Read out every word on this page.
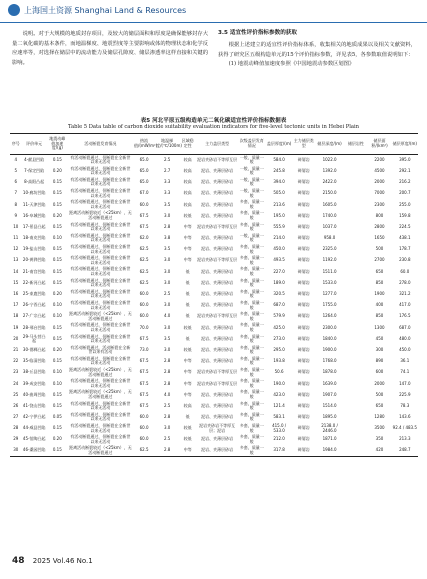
上海国土资源 Shanghai Land & Resources

说明。对于大规模的地质封存项目，及较大的储层面积和厚度是确保能够封存大量二氧化碳的基本条件，而地温梯度、地震烈度等主要影响或体的物理状态和化学反应速率等，对选择在储层中的流动能力及储层孔隙度、储层渗透率这样直接和关键的影响。

3.5 适宜性评价指标参数的获取

根据上述建立的适宜性评价指标体系，收集相关的地质成果以及相关文献资料，获得了研究区五级构造单元的15个评价指标参数，详见表5，各参数取值说明如下：

(1) 地震动峰值加速度参照《中国地震动参数区划图》

表5 河北平原五级构造单元二氧化碳适宜性评价指标数据表
Table 5 Data table of carbon dioxide suitability evaluation indicators for five-level tectonic units in Hebei Plain
序号	评价单元	地震动峰值加速度/(g)	活动断裂发育情况	热流值/(mW/m²)	地温梯度/(℃/100m)	区域稳定性	主力盖层类型	次级盖层发育情况	盖层厚度/(m)	主力储层类型	储层深度/(m)	储层岩性	储层面积/(km²)	储层厚度/(m)
4	4-献县凹陷	0.15	有活动断裂通过，但断裂在全新世以来无活动	65.0	2.5	较高	泥岩夹砂岩不等厚互层	一般，质量一般	584.0	碎屑岩	1022.0		2200	395.0
5	7-保定凹陷	0.20	有活动断裂通过，但断裂在全新世以来无活动	65.0	2.7	较高	泥岩、夹薄层砂岩	一般，质量一般	245.8	碎屑岩	1392.0		4500	292.1
6	8-高阳凸起	0.15	有活动断裂通过，但断裂在全新世以来无活动	65.0	3.3	较高	泥岩、夹薄层砂岩	一般，质量一般	394.0	碎屑岩	2422.0		2000	216.2
7	10-廊坊凹陷	0.15	有活动断裂通过，但断裂在全新世以来无活动	67.0	3.3	较高	泥岩、夹薄层砂岩	一般，质量一般	505.0	碎屑岩	2150.0		7000	200.7
8	11-天津凹陷	0.15	有活动断裂通过，但断裂在全新世以来无活动	60.0	3.5	较高	泥岩、夹薄层砂岩	多套，质量一般	213.6	碎屑岩	1605.0		2300	255.0
9	16-阜城凹陷	0.20	距离活动断裂较近（<25km），无活动断裂通过	67.5	3.0	较低	泥岩、夹薄层砂岩	多套，质量一般	195.0	碎屑岩	1740.0		800	159.8
10	17-景县凸起	0.15	有活动断裂通过，但断裂在全新世以来无活动	67.5	2.8	中等	泥岩夹砂岩不等厚互层	多套，质量一般	555.9	碎屑岩	1037.0		2800	224.5
11	18-南皮凹陷	0.10	有活动断裂通过，但断裂在全新世以来无活动	62.0	3.8	中等	泥岩、夹薄层砂岩	一般，质量一般	214.0	碎屑岩	958.0		1650	438.1
12	19-盐山凹陷	0.15	有活动断裂通过，但断裂在全新世以来无活动	62.5	3.5	中等	泥岩、夹薄层砂岩	多套，质量一般	450.0	碎屑岩	2325.0		500	178.7
13	20-黄骅凹陷	0.15	有活动断裂通过，但断裂在全新世以来无活动	62.5	3.0	中等	泥岩夹砂岩不等厚互层	多套，质量一般	493.5	碎屑岩	1192.0		2700	230.8
14	21-南宫凹陷	0.15	有活动断裂通过，但断裂在全新世以来无活动	62.5	3.0	低	泥岩、夹薄层砂岩	多套，质量一般	227.0	碎屑岩	1511.0		650	60.0
15	22-新河凸起	0.15	有活动断裂通过，但断裂在全新世以来无活动	62.5	3.0	低	泥岩、夹薄层砂岩	多套，质量一般	189.0	碎屑岩	1533.0		850	278.0
16	25-束鹿凹陷	0.20	有活动断裂通过，但断裂在全新世以来无活动	60.0	2.5	低	泥岩、夹薄层砂岩	多套，质量一般	320.5	碎屑岩	1277.0		1900	321.2
17	26-宁晋凸起	0.10	有活动断裂通过，但断裂在全新世以来无活动	60.0	3.0	低	泥岩、夹薄层砂岩	多套，质量一般	687.0	碎屑岩	1755.0		400	417.0
18	27-广宗凸起	0.10	距离活动断裂较近（<25km），无活动断裂通过	60.0	4.0	低	泥岩夹砂岩不等厚互层	多套，质量一般	579.9	碎屑岩	1264.0		850	176.5
19	28-邢台凹陷	0.15	有活动断裂通过，但断裂在全新世以来无活动	70.0	3.0	较低	泥岩、夹薄层砂岩	多套，质量一般	425.0	碎屑岩	2300.0		1300	687.0
20	29-马头营凸起	0.15	有活动断裂通过，但断裂在全新世以来无活动	67.5	3.5	低	泥岩、夹薄层砂岩	多套，质量一般	273.0	碎屑岩	1840.0		450	480.0
21	30-邯郸凸起	0.20	有活动断裂通过，活动断裂在全新世以来有活动	73.0	3.0	较低	泥岩、夹薄层砂岩	多套，质量一般	295.0	碎屑岩	1900.0		300	450.0
22	35-临清凹陷	0.15	有活动断裂通过，但断裂在全新世以来无活动	67.5	2.8	中等	泥岩、夹薄层砂岩	多套，质量一般	193.8	碎屑岩	1768.0		890	36.1
23	38-丘县凹陷	0.10	距离活动断裂较近（<25km），无活动断裂通过	67.5	2.8	中等	泥岩夹砂岩不等厚互层	多套，质量一般	50.6	碎屑岩	1878.0		600	74.1
24	39-成安凹陷	0.10	有活动断裂通过，但断裂在全新世以来无活动	67.5	2.8	中等	泥岩夹砂岩不等厚互层	多套，质量一般	190.0	碎屑岩	1639.0		2000	147.0
25	40-曲周凹陷	0.15	距离活动断裂较近（<25km），无活动断裂通过	67.5	4.0	中等	泥岩、夹薄层砂岩	多套，质量一般	423.0	碎屑岩	1907.0		500	225.9
26	41-饶山凹陷	0.15	有活动断裂通过，但断裂在全新世以来无活动	67.5	2.5	较高	泥岩、夹薄层砂岩	多套，质量一般	121.4	碎屑岩	1514.0		650	78.3
27	42-宁伊凸起	0.05	有活动断裂通过，但断裂在全新世以来无活动	60.0	2.8	低	泥岩、夹薄层砂岩	多套，质量一般	583.1	碎屑岩	1895.0		1280	143.6
28	44-威县凹陷	0.15	有活动断裂通过，但断裂在全新世以来无活动	60.0	3.0	较低	泥岩夹砂岩不等厚互层；泥岩	多套，质量一般	415.0 / 533.0	碎屑岩	2138.0 / 2446.0		3500	92.4 / 483.5
29	45-馆陶凸起	0.20	有活动断裂通过，但断裂在全新世以来无活动	60.0	2.5	较低	泥岩、夹薄层砂岩	多套，质量一般	212.0	碎屑岩	1871.0		350	213.3
30	46-桑园凹陷	0.15	距离活动断裂较近（<25km），无活动断裂通过	62.5	2.8	中等	泥岩、夹薄层砂岩	多套，质量一般	317.8	碎屑岩	1984.0		420	248.7
48 2025 Vol.46 No.1
